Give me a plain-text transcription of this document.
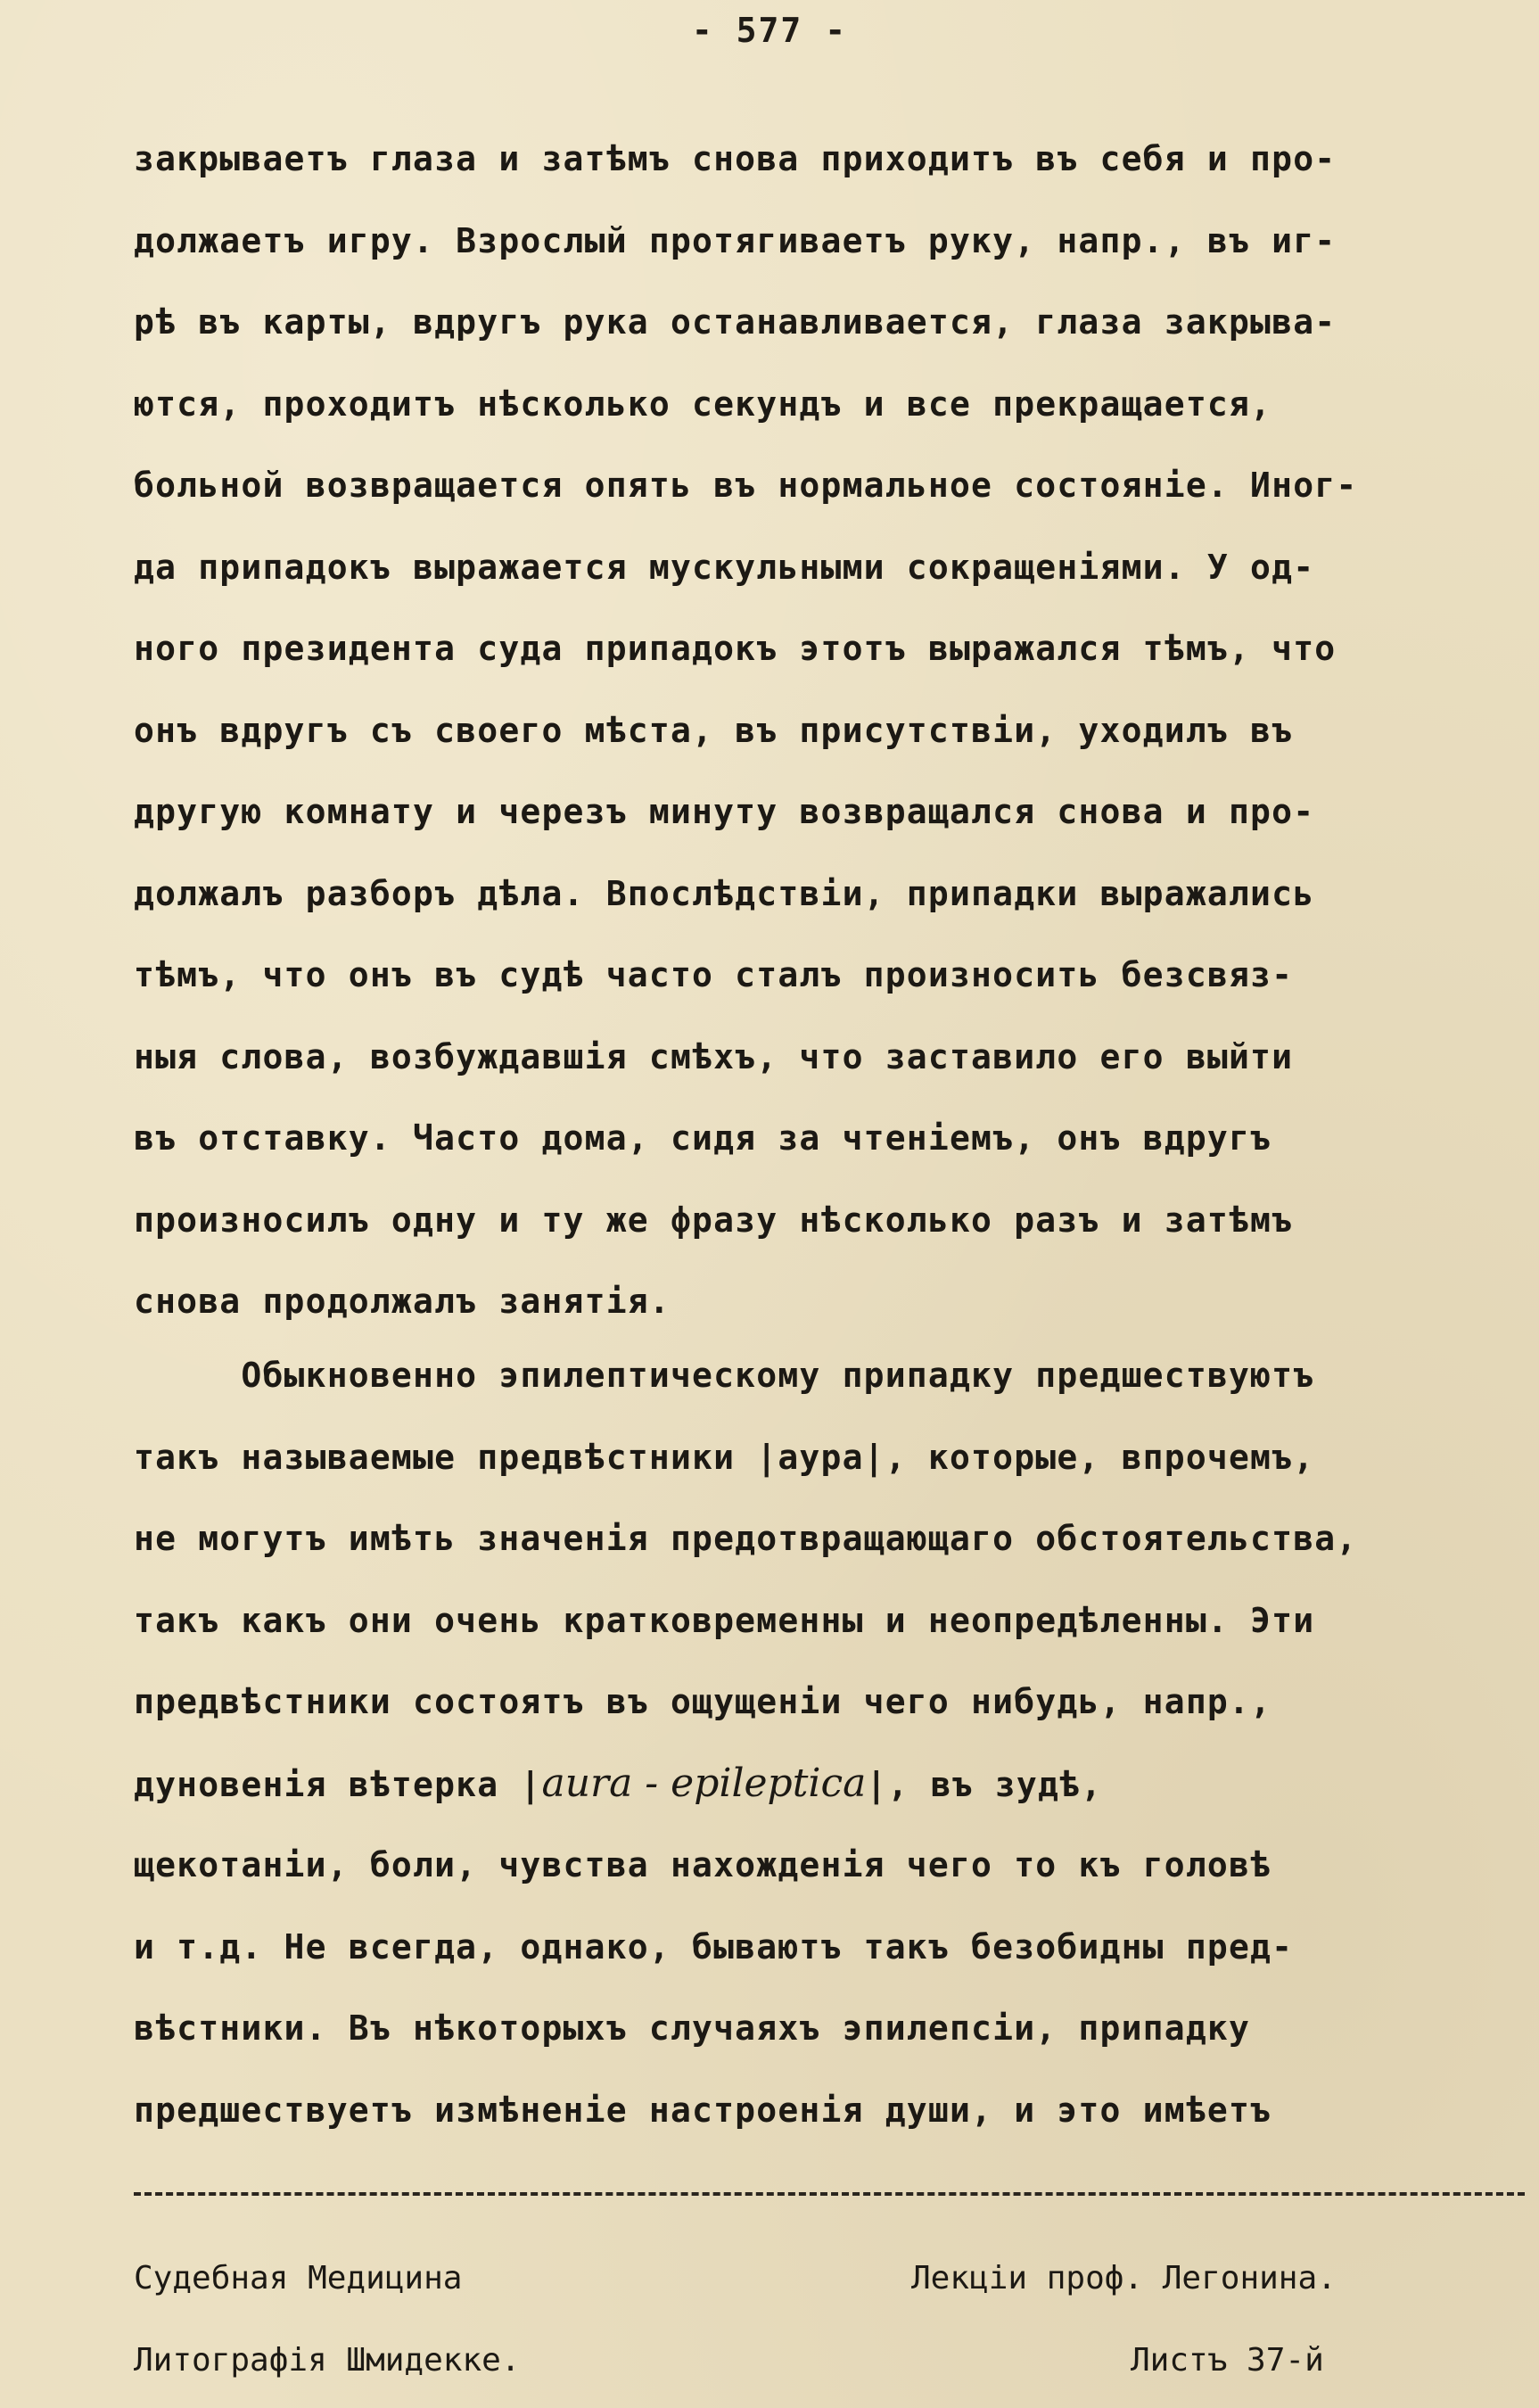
- 577 -
закрываетъ глаза и затѣмъ снова приходитъ въ себя и про-
должаетъ игру. Взрослый протягиваетъ руку, напр., въ иг-
рѣ въ карты, вдругъ рука останавливается, глаза закрыва-
ются, проходитъ нѣсколько секундъ и все прекращается,
больной возвращается опять въ нормальное состояніе. Иног-
да припадокъ выражается мускульными сокращеніями. У од-
ного президента суда припадокъ этотъ выражался тѣмъ, что
онъ вдругъ съ своего мѣста, въ присутствіи, уходилъ въ
другую комнату и черезъ минуту возвращался снова и про-
должалъ разборъ дѣла. Впослѣдствіи, припадки выражались
тѣмъ, что онъ въ судѣ часто сталъ произносить безсвяз-
ныя слова, возбуждавшія смѣхъ, что заставило его выйти
въ отставку. Часто дома, сидя за чтеніемъ, онъ вдругъ
произносилъ одну и ту же фразу нѣсколько разъ и затѣмъ
снова продолжалъ занятія.
Обыкновенно эпилептическому припадку предшествуютъ
такъ называемые предвѣстники |аура|, которые, впрочемъ,
не могутъ имѣть значенія предотвращающаго обстоятельства,
такъ какъ они очень кратковременны и неопредѣленны. Эти
предвѣстники состоятъ въ ощущеніи чего нибудь, напр.,
дуновенія вѣтерка |aura - epileptica|, въ зудѣ,
щекотаніи, боли, чувства нахожденія чего то къ головѣ
и т.д. Не всегда, однако, бываютъ такъ безобидны пред-
вѣстники. Въ нѣкоторыхъ случаяхъ эпилепсіи, припадку
предшествуетъ измѣненіе настроенія души, и это имѣетъ
Судебная Медицина	Лекціи проф. Легонина.
Литографія Шмидекке.	Листъ 37-й
